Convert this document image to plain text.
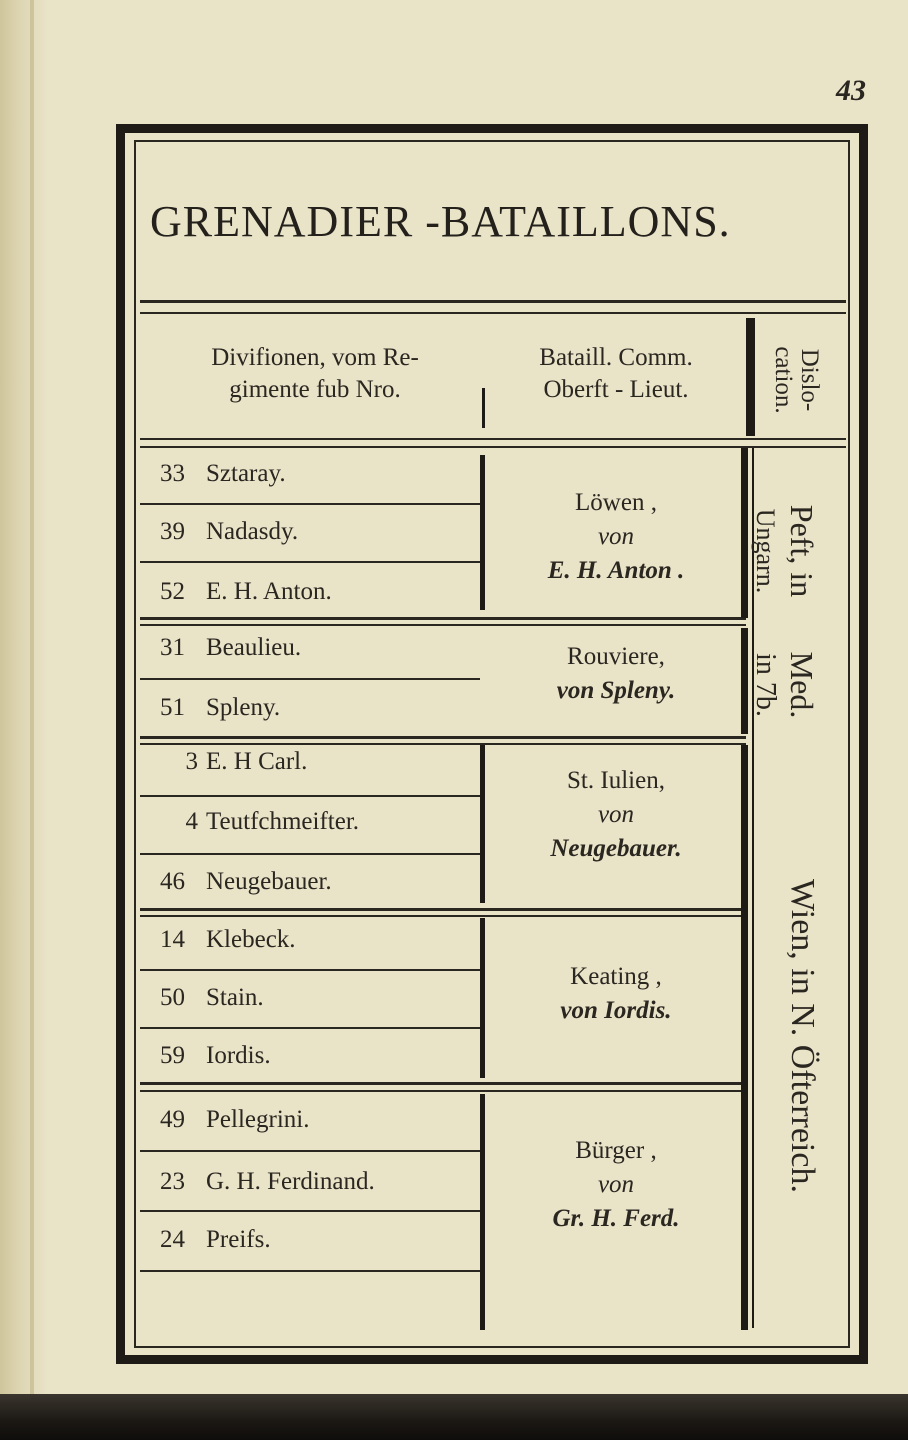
43
GRENADIER -BATAILLONS.
Divifionen, vom Re-
gimente fub Nro.
Bataill. Comm.
Oberft - Lieut.	Dislo-
cation.
33 Sztaray.
39 Nadasdy.
52 E. H. Anton.
31 Beaulieu.
51 Spleny.
3 E. H Carl.
4 Teutfchmeifter.
46 Neugebauer.
14 Klebeck.
50 Stain.
59 Iordis.
49 Pellegrini.
23 G. H. Ferdinand.
24 Preifs.
Löwen ,
von
E. H. Anton .
Rouviere,
von Spleny.
St. Iulien,
von
Neugebauer.
Keating ,
von Iordis.
Bürger ,
von
Gr. H. Ferd.
Peft, in
Ungarn.
Med.
in 7b.
Wien, in N. Öfterreich.
